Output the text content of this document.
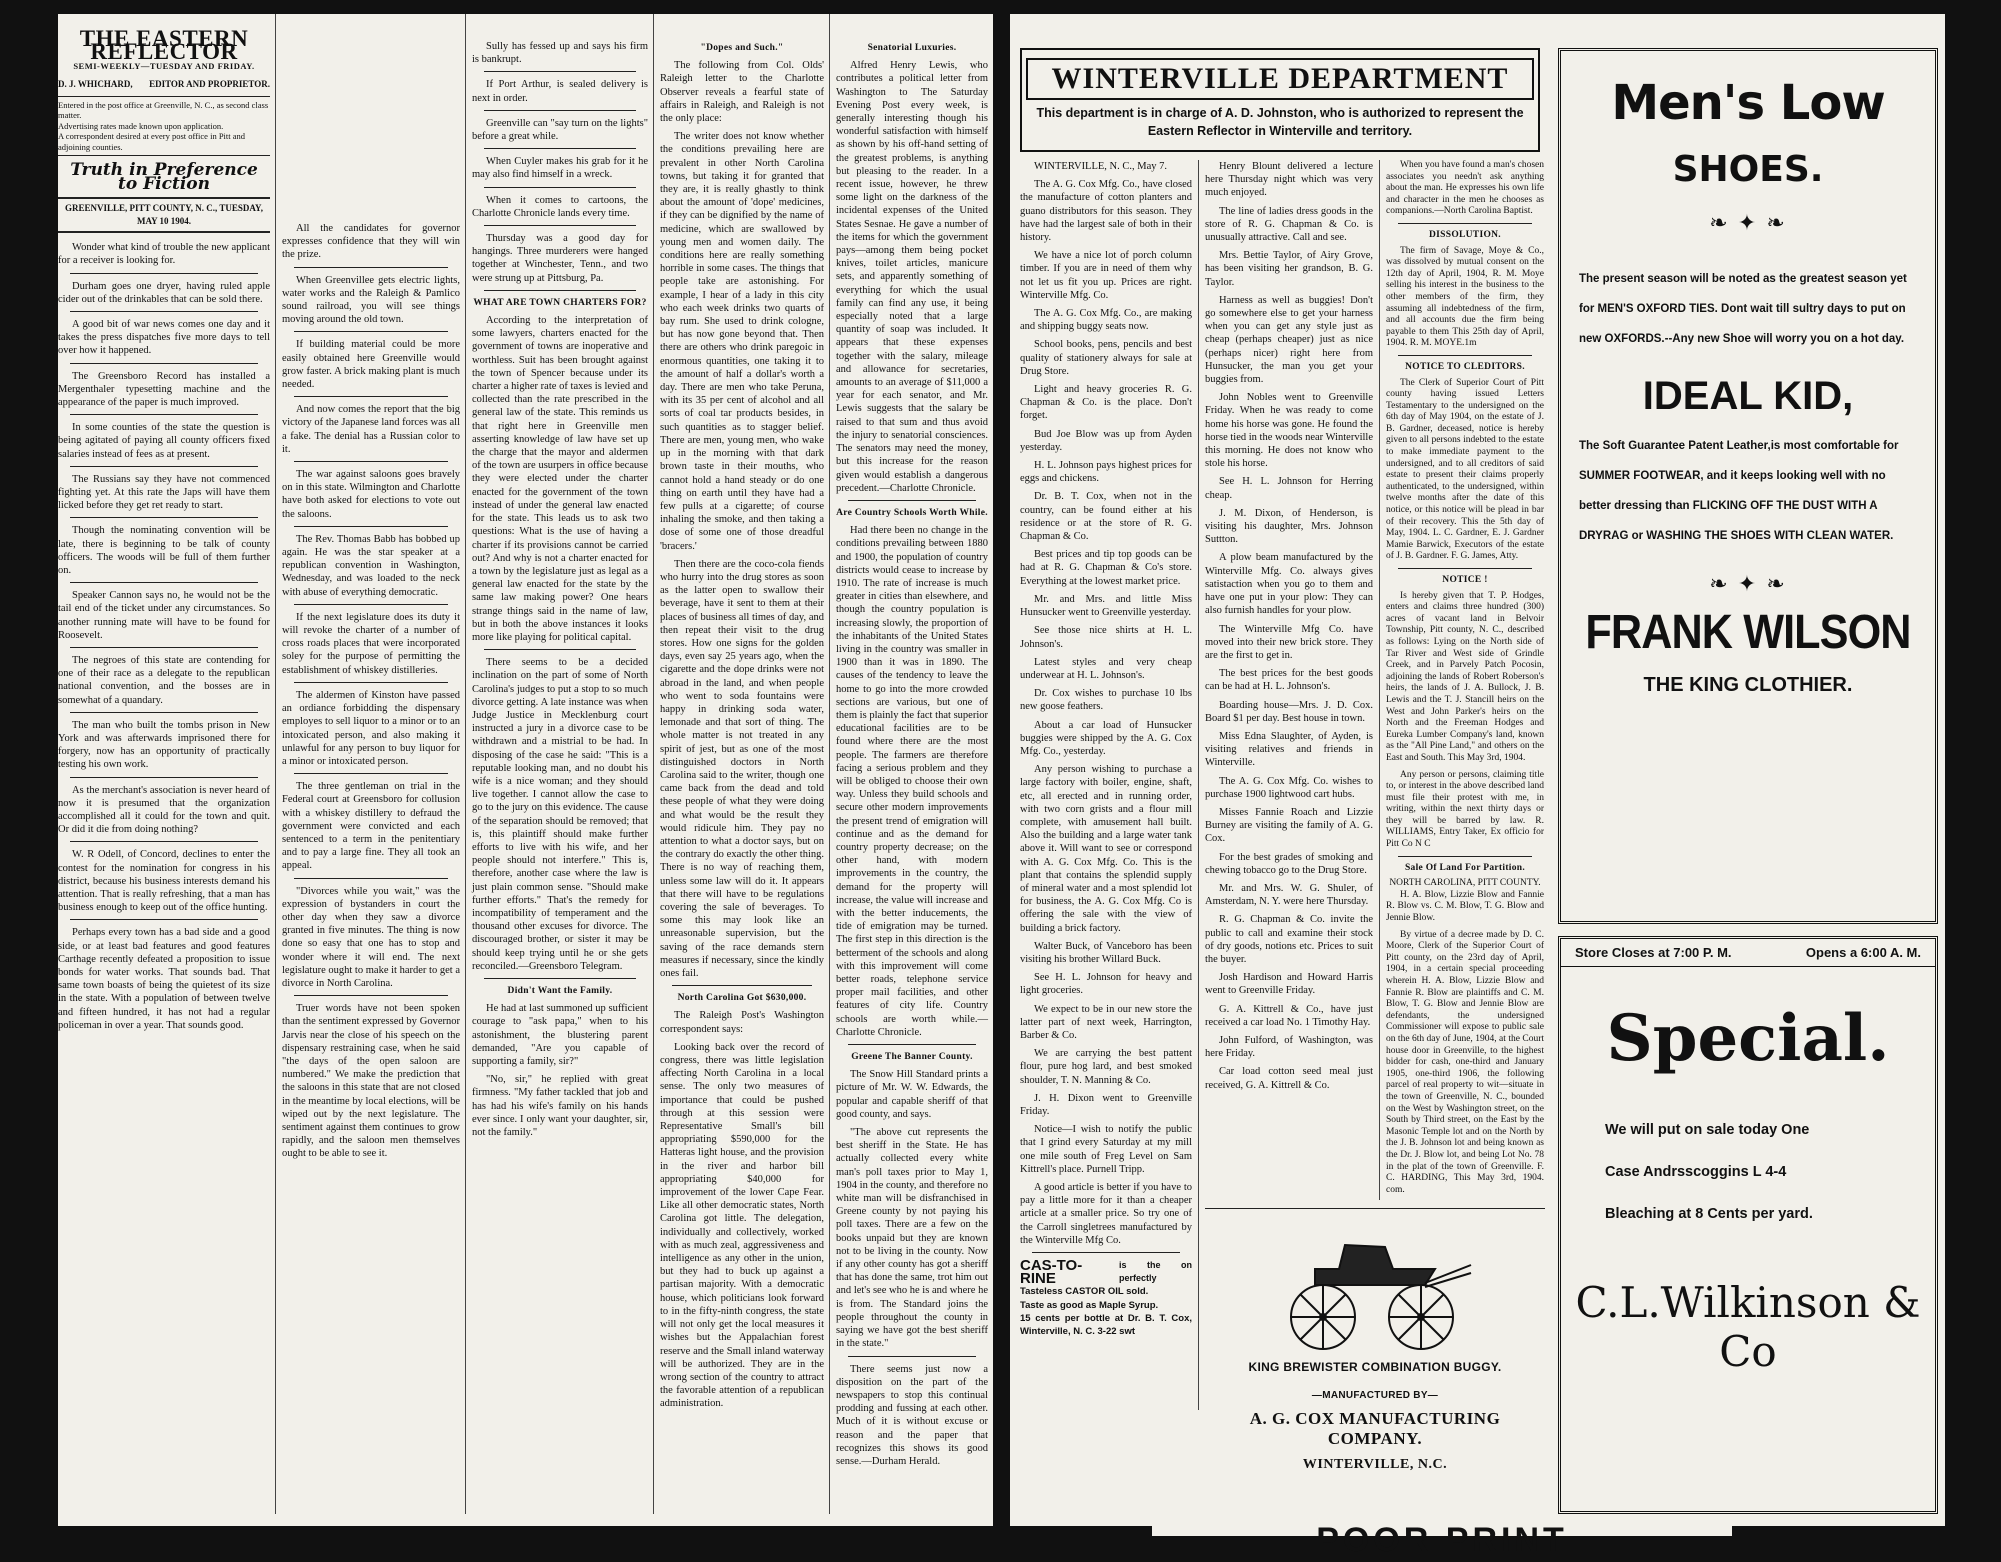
THE EASTERN REFLECTOR
SEMI-WEEKLY—TUESDAY AND FRIDAY.
D. J. WHICHARD, EDITOR AND PROPRIETOR.
Entered in the post office at Greenville, N. C., as second class matter.
Advertising rates made known upon application.
A correspondent desired at every post office in Pitt and adjoining counties.
Truth in Preference to Fiction
GREENVILLE, PITT COUNTY, N. C., TUESDAY, MAY 10 1904.

Wonder what kind of trouble the new applicant for a receiver is looking for.

Durham goes one dryer, having ruled apple cider out of the drinkables that can be sold there.

A good bit of war news comes one day and it takes the press dispatches five more days to tell over how it happened.

The Greensboro Record has installed a Mergenthaler typesetting machine and the appearance of the paper is much improved.

In some counties of the state the question is being agitated of paying all county officers fixed salaries instead of fees as at present.

The Russians say they have not commenced fighting yet. At this rate the Japs will have them licked before they get ret ready to start.

Though the nominating convention will be late, there is beginning to be talk of county officers. The woods will be full of them further on.

Speaker Cannon says no, he would not be the tail end of the ticket under any circumstances. So another running mate will have to be found for Roosevelt.

The negroes of this state are contending for one of their race as a delegate to the republican national convention, and the bosses are in somewhat of a quandary.

The man who built the tombs prison in New York and was afterwards imprisoned there for forgery, now has an opportunity of practically testing his own work.

As the merchant's association is never heard of now it is presumed that the organization accomplished all it could for the town and quit. Or did it die from doing nothing?

W. R Odell, of Concord, declines to enter the contest for the nomination for congress in his district, because his business interests demand his attention. That is really refreshing, that a man has business enough to keep out of the office hunting.

Perhaps every town has a bad side and a good side, or at least bad features and good features Carthage recently defeated a proposition to issue bonds for water works. That sounds bad. That same town boasts of being the quietest of its size in the state. With a population of between twelve and fifteen hundred, it has not had a regular policeman in over a year. That sounds good.

All the candidates for governor expresses confidence that they will win the prize.

When Greenvillee gets electric lights, water works and the Raleigh & Pamlico sound railroad, you will see things moving around the old town.

If building material could be more easily obtained here Greenville would grow faster. A brick making plant is much needed.

And now comes the report that the big victory of the Japanese land forces was all a fake. The denial has a Russian color to it.

The war against saloons goes bravely on in this state. Wilmington and Charlotte have both asked for elections to vote out the saloons.

The Rev. Thomas Babb has bobbed up again. He was the star speaker at a republican convention in Washington, Wednesday, and was loaded to the neck with abuse of everything democratic.

If the next legislature does its duty it will revoke the charter of a number of cross roads places that were incorporated soley for the purpose of permitting the establishment of whiskey distilleries.

The aldermen of Kinston have passed an ordiance forbidding the dispensary employes to sell liquor to a minor or to an intoxicated person, and also making it unlawful for any person to buy liquor for a minor or intoxicated person.

The three gentleman on trial in the Federal court at Greensboro for collusion with a whiskey distillery to defraud the government were convicted and each sentenced to a term in the penitentiary and to pay a large fine. They all took an appeal.

"Divorces while you wait," was the expression of bystanders in court the other day when they saw a divorce granted in five minutes. The thing is now done so easy that one has to stop and wonder where it will end. The next legislature ought to make it harder to get a divorce in North Carolina.

Truer words have not been spoken than the sentiment expressed by Governor Jarvis near the close of his speech on the dispensary restraining case, when he said "the days of the open saloon are numbered." We make the prediction that the saloons in this state that are not closed in the meantime by local elections, will be wiped out by the next legislature. The sentiment against them continues to grow rapidly, and the saloon men themselves ought to be able to see it.

Sully has fessed up and says his firm is bankrupt.

If Port Arthur, is sealed delivery is next in order.

Greenville can "say turn on the lights" before a great while.

When Cuyler makes his grab for it he may also find himself in a wreck.

When it comes to cartoons, the Charlotte Chronicle lands every time.

Thursday was a good day for hangings. Three murderers were hanged together at Winchester, Tenn., and two were strung up at Pittsburg, Pa.

WHAT ARE TOWN CHARTERS FOR?

According to the interpretation of some lawyers, charters enacted for the government of towns are inoperative and worthless. Suit has been brought against the town of Spencer because under its charter a higher rate of taxes is levied and collected than the rate prescribed in the general law of the state. This reminds us that right here in Greenville men asserting knowledge of law have set up the charge that the mayor and aldermen of the town are usurpers in office because they were elected under the charter enacted for the government of the town instead of under the general law enacted for the state. This leads us to ask two questions: What is the use of having a charter if its provisions cannot be carried out? And why is not a charter enacted for a town by the legislature just as legal as a general law enacted for the state by the same law making power? One hears strange things said in the name of law, but in both the above instances it looks more like playing for political capital.

There seems to be a decided inclination on the part of some of North Carolina's judges to put a stop to so much divorce getting. A late instance was when Judge Justice in Mecklenburg court instructed a jury in a divorce case to be withdrawn and a mistrial to be had. In disposing of the case he said: "This is a reputable looking man, and no doubt his wife is a nice woman; and they should live together. I cannot allow the case to go to the jury on this evidence. The cause of the separation should be removed; that is, this plaintiff should make further efforts to live with his wife, and her people should not interfere." This is, therefore, another case where the law is just plain common sense. "Should make further efforts." That's the remedy for incompatibility of temperament and the thousand other excuses for divorce. The discouraged brother, or sister it may be should keep trying until he or she gets reconciled.—Greensboro Telegram.

Didn't Want the Family.

He had at last summoned up sufficient courage to "ask papa," when to his astonishment, the blustering parent demanded, "Are you capable of supporting a family, sir?"

"No, sir," he replied with great firmness. "My father tackled that job and has had his wife's family on his hands ever since. I only want your daughter, sir, not the family."

"Dopes and Such."

The following from Col. Olds' Raleigh letter to the Charlotte Observer reveals a fearful state of affairs in Raleigh, and Raleigh is not the only place:

The writer does not know whether the conditions prevailing here are prevalent in other North Carolina towns, but taking it for granted that they are, it is really ghastly to think about the amount of 'dope' medicines, if they can be dignified by the name of medicine, which are swallowed by young men and women daily. The conditions here are really something horrible in some cases. The things that people take are astonishing. For example, I hear of a lady in this city who each week drinks two quarts of bay rum. She used to drink cologne, but has now gone beyond that. Then there are others who drink paregoic in enormous quantities, one taking it to the amount of half a dollar's worth a day. There are men who take Peruna, with its 35 per cent of alcohol and all sorts of coal tar products besides, in such quantities as to stagger belief. There are men, young men, who wake up in the morning with that dark brown taste in their mouths, who cannot hold a hand steady or do one thing on earth until they have had a few pulls at a cigarette; of course inhaling the smoke, and then taking a dose of some one of those dreadful 'bracers.'

Then there are the coco-cola fiends who hurry into the drug stores as soon as the latter open to swallow their beverage, have it sent to them at their places of business all times of day, and then repeat their visit to the drug stores. How one signs for the golden days, even say 25 years ago, when the cigarette and the dope drinks were not abroad in the land, and when people who went to soda fountains were happy in drinking soda water, lemonade and that sort of thing. The whole matter is not treated in any spirit of jest, but as one of the most distinguished doctors in North Carolina said to the writer, though one came back from the dead and told these people of what they were doing and what would be the result they would ridicule him. They pay no attention to what a doctor says, but on the contrary do exactly the other thing. There is no way of reaching them, unless some law will do it. It appears that there will have to be regulations covering the sale of beverages. To some this may look like an unreasonable supervision, but the saving of the race demands stern measures if necessary, since the kindly ones fail.

North Carolina Got $630,000.

The Raleigh Post's Washington correspondent says:

Looking back over the record of congress, there was little legislation affecting North Carolina in a local sense. The only two measures of importance that could be pushed through at this session were Representative Small's bill appropriating $590,000 for the Hatteras light house, and the provision in the river and harbor bill appropriating $40,000 for improvement of the lower Cape Fear. Like all other democratic states, North Carolina got little. The delegation, individually and collectively, worked with as much zeal, aggressiveness and intelligence as any other in the union, but they had to buck up against a partisan majority. With a democratic house, which politicians look forward to in the fifty-ninth congress, the state will not only get the local measures it wishes but the Appalachian forest reserve and the Small inland waterway will be authorized. They are in the wrong section of the country to attract the favorable attention of a republican administration.

Senatorial Luxuries.

Alfred Henry Lewis, who contributes a political letter from Washington to The Saturday Evening Post every week, is generally interesting though his wonderful satisfaction with himself as shown by his off-hand setting of the greatest problems, is anything but pleasing to the reader. In a recent issue, however, he threw some light on the darkness of the incidental expenses of the United States Sesnae. He gave a number of the items for which the government pays—among them being pocket knives, toilet articles, manicure sets, and apparently something of everything for which the usual family can find any use, it being especially noted that a large quantity of soap was included. It appears that these expenses together with the salary, mileage and allowance for secretaries, amounts to an average of $11,000 a year for each senator, and Mr. Lewis suggests that the salary be raised to that sum and thus avoid the injury to senatorial consciences. The senators may need the money, but this increase for the reason given would establish a dangerous precedent.—Charlotte Chronicle.

Are Country Schools Worth While.

Had there been no change in the conditions prevailing between 1880 and 1900, the population of country districts would cease to increase by 1910. The rate of increase is much greater in cities than elsewhere, and though the country population is increasing slowly, the proportion of the inhabitants of the United States living in the country was smaller in 1900 than it was in 1890. The causes of the tendency to leave the home to go into the more crowded sections are various, but one of them is plainly the fact that superior educational facilities are to be found where there are the most people. The farmers are therefore facing a serious problem and they will be obliged to choose their own way. Unless they build schools and secure other modern improvements the present trend of emigration will continue and as the demand for country property decrease; on the other hand, with modern improvements in the country, the demand for the property will increase, the value will increase and with the better inducements, the tide of emigration may be turned. The first step in this direction is the betterment of the schools and along with this improvement will come better roads, telephone service proper mail facilities, and other features of city life. Country schools are worth while.—Charlotte Chronicle.

Greene The Banner County.

The Snow Hill Standard prints a picture of Mr. W. W. Edwards, the popular and capable sheriff of that good county, and says.

"The above cut represents the best sheriff in the State. He has actually collected every white man's poll taxes prior to May 1, 1904 in the county, and therefore no white man will be disfranchised in Greene county by not paying his poll taxes. There are a few on the books unpaid but they are known not to be living in the county. Now if any other county has got a sheriff that has done the same, trot him out and let's see who he is and where he is from. The Standard joins the people throughout the county in saying we have got the best sheriff in the state."

There seems just now a disposition on the part of the newspapers to stop this continual prodding and fussing at each other. Much of it is without excuse or reason and the paper that recognizes this shows its good sense.—Durham Herald.

WINTERVILLE DEPARTMENT
This department is in charge of A. D. Johnston, who is authorized to represent the Eastern Reflector in Winterville and territory.

WINTERVILLE, N. C., May 7.

The A. G. Cox Mfg. Co., have closed the manufacture of cotton planters and guano distributors for this season. They have had the largest sale of both in their history.

We have a nice lot of porch column timber. If you are in need of them why not let us fit you up. Prices are right. Winterville Mfg. Co.

The A. G. Cox Mfg. Co., are making and shipping buggy seats now.

School books, pens, pencils and best quality of stationery always for sale at Drug Store.

Light and heavy groceries R. G. Chapman & Co. is the place. Don't forget.

Bud Joe Blow was up from Ayden yesterday.

H. L. Johnson pays highest prices for eggs and chickens.

Dr. B. T. Cox, when not in the country, can be found either at his residence or at the store of R. G. Chapman & Co.

Best prices and tip top goods can be had at R. G. Chapman & Co's store. Everything at the lowest market price.

Mr. and Mrs. and little Miss Hunsucker went to Greenville yesterday.

See those nice shirts at H. L. Johnson's.

Latest styles and very cheap underwear at H. L. Johnson's.

Dr. Cox wishes to purchase 10 lbs new goose feathers.

About a car load of Hunsucker buggies were shipped by the A. G. Cox Mfg. Co., yesterday.

Any person wishing to purchase a large factory with boiler, engine, shaft, etc, all erected and in running order, with two corn grists and a flour mill complete, with amusement hall built. Also the building and a large water tank above it. Will want to see or correspond with A. G. Cox Mfg. Co. This is the plant that contains the splendid supply of mineral water and a most splendid lot for business, the A. G. Cox Mfg. Co is offering the sale with the view of building a brick factory.

Walter Buck, of Vanceboro has been visiting his brother Willard Buck.

See H. L. Johnson for heavy and light groceries.

We expect to be in our new store the latter part of next week, Harrington, Barber & Co.

We are carrying the best pattent flour, pure hog lard, and best smoked shoulder, T. N. Manning & Co.

J. H. Dixon went to Greenville Friday.

Notice—I wish to notify the public that I grind every Saturday at my mill one mile south of Freg Level on Sam Kittrell's place. Purnell Tripp.

A good article is better if you have to pay a little more for it than a cheaper article at a smaller price. So try one of the Carroll singletrees manufactured by the Winterville Mfg Co.

CAS-TO-RINE
is the on perfectly
Tasteless CASTOR OIL sold.
Taste as good as Maple Syrup.
15 cents per bottle at Dr. B. T. Cox, Winterville, N. C. 3-22 swt

Henry Blount delivered a lecture here Thursday night which was very much enjoyed.

The line of ladies dress goods in the store of R. G. Chapman & Co. is unusually attractive. Call and see.

Mrs. Bettie Taylor, of Airy Grove, has been visiting her grandson, B. G. Taylor.

Harness as well as buggies! Don't go somewhere else to get your harness when you can get any style just as cheap (perhaps cheaper) just as nice (perhaps nicer) right here from Hunsucker, the man you get your buggies from.

John Nobles went to Greenville Friday. When he was ready to come home his horse was gone. He found the horse tied in the woods near Winterville this morning. He does not know who stole his horse.

See H. L. Johnson for Herring cheap.

J. M. Dixon, of Henderson, is visiting his daughter, Mrs. Johnson Suttton.

A plow beam manufactured by the Winterville Mfg. Co. always gives satistaction when you go to them and have one put in your plow: They can also furnish handles for your plow.

The Winterville Mfg Co. have moved into their new brick store. They are the first to get in.

The best prices for the best goods can be had at H. L. Johnson's.

Boarding house—Mrs. J. D. Cox. Board $1 per day. Best house in town.

Miss Edna Slaughter, of Ayden, is visiting relatives and friends in Winterville.

The A. G. Cox Mfg. Co. wishes to purchase 1900 lightwood cart hubs.

Misses Fannie Roach and Lizzie Burney are visiting the family of A. G. Cox.

For the best grades of smoking and chewing tobacco go to the Drug Store.

Mr. and Mrs. W. G. Shuler, of Amsterdam, N. Y. were here Thursday.

R. G. Chapman & Co. invite the public to call and examine their stock of dry goods, notions etc. Prices to suit the buyer.

Josh Hardison and Howard Harris went to Greenville Friday.

G. A. Kittrell & Co., have just received a car load No. 1 Timothy Hay.

John Fulford, of Washington, was here Friday.

Car load cotton seed meal just received, G. A. Kittrell & Co.

When you have found a man's chosen associates you needn't ask anything about the man. He expresses his own life and character in the men he chooses as companions.—North Carolina Baptist.

DISSOLUTION.

The firm of Savage, Moye & Co., was dissolved by mutual consent on the 12th day of April, 1904, R. M. Moye selling his interest in the business to the other members of the firm, they assuming all indebtedness of the firm, and all accounts due the firm being payable to them This 25th day of April, 1904. R. M. MOYE.1m

NOTICE TO CLEDITORS.

The Clerk of Superior Court of Pitt county having issued Letters Testamentary to the undersigned on the 6th day of May 1904, on the estate of J. B. Gardner, deceased, notice is hereby given to all persons indebted to the estate to make immediate payment to the undersigned, and to all creditors of said estate to present their claims properly authenticated, to the undersigned, within twelve months after the date of this notice, or this notice will be plead in bar of their recovery. This the 5th day of May, 1904. L. C. Gardner, E. J. Gardner Mamie Barwick, Executors of the estate of J. B. Gardner. F. G. James, Atty.

NOTICE !

Is hereby given that T. P. Hodges, enters and claims three hundred (300) acres of vacant land in Belvoir Township, Pitt county, N. C., described as follows: Lying on the North side of Tar River and West side of Grindle Creek, and in Parvely Patch Pocosin, adjoining the lands of Robert Roberson's heirs, the lands of J. A. Bullock, J. B. Lewis and the T. J. Stancill heirs on the West and John Parker's heirs on the North and the Freeman Hodges and Eureka Lumber Company's land, known as the "All Pine Land," and others on the East and South. This May 3rd, 1904.

Any person or persons, claiming title to, or interest in the above described land must file their protest with me, in writing, within the next thirty days or they will be barred by law. R. WILLIAMS, Entry Taker, Ex officio for Pitt Co N C

Sale Of Land For Partition.
NORTH CAROLINA, PITT COUNTY.

H. A. Blow, Lizzie Blow and Fannie R. Blow vs. C. M. Blow, T. G. Blow and Jennie Blow.

By virtue of a decree made by D. C. Moore, Clerk of the Superior Court of Pitt county, on the 23rd day of April, 1904, in a certain special proceeding wherein H. A. Blow, Lizzie Blow and Fannie R. Blow are plaintiffs and C. M. Blow, T. G. Blow and Jennie Blow are defendants, the undersigned Commissioner will expose to public sale on the 6th day of June, 1904, at the Court house door in Greenville, to the highest bidder for cash, one-third and January 1905, one-third 1906, the following parcel of real property to wit—situate in the town of Greenville, N. C., bounded on the West by Washington street, on the South by Third street, on the East by the Masonic Temple lot and on the North by the J. B. Johnson lot and being known as the Dr. J. Blow lot, and being Lot No. 78 in the plat of the town of Greenville. F. C. HARDING, This May 3rd, 1904. com.

KING BREWISTER COMBINATION BUGGY.
—MANUFACTURED BY—
A. G. COX MANUFACTURING COMPANY.
WINTERVILLE, N.C.
Men's Low
SHOES.
❧ ✦ ❧
The present season will be noted as the greatest season yet for MEN'S OXFORD TIES. Dont wait till sultry days to put on new OXFORDS.--Any new Shoe will worry you on a hot day.
IDEAL KID,
The Soft Guarantee Patent Leather,is most comfortable for SUMMER FOOTWEAR, and it keeps looking well with no better dressing than FLICKING OFF THE DUST WITH A DRYRAG or WASHING THE SHOES WITH CLEAN WATER.
❧ ✦ ❧
FRANK WILSON
THE KING CLOTHIER.
Store Closes at 7:00 P. M.	Opens a 6:00 A. M.
Special.
We will put on sale today One
Case Andrsscoggins L 4-4
Bleaching at 8 Cents per yard.
C.L.Wilkinson & Co
POOR PRINT
